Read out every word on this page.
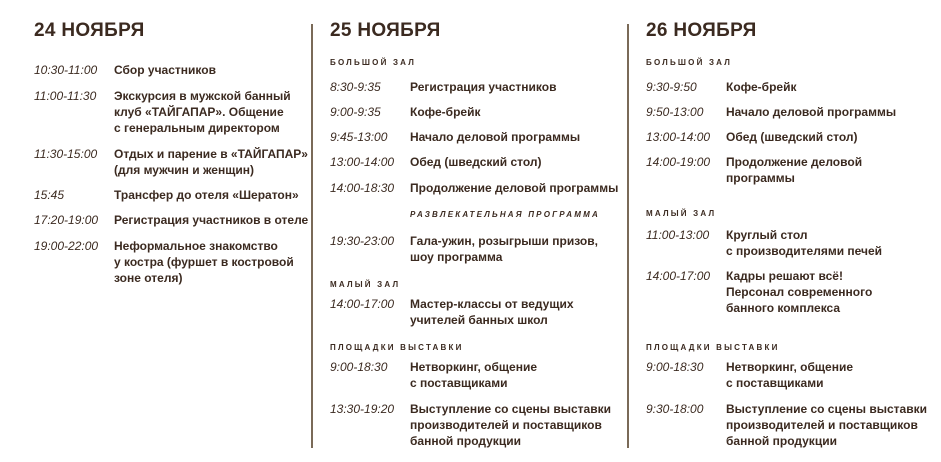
24 НОЯБРЯ
10:30-11:00 Сбор участников
11:00-11:30 Экскурсия в мужской банный
клуб «ТАЙГАПАР». Общение
с генеральным директором
11:30-15:00 Отдых и парение в «ТАЙГАПАР»
(для мужчин и женщин)
15:45	Трансфер до отеля «Шератон»
17:20-19:00 Регистрация участников в отеле
19:00-22:00 Неформальное знакомство
у костра (фуршет в костровой
зоне отеля)
25 НОЯБРЯ
БОЛЬШОЙ ЗАЛ
8:30-9:35 Регистрация участников
9:00-9:35 Кофе-брейк
9:45-13:00 Начало деловой программы
13:00-14:00 Обед (шведский стол)
14:00-18:30 Продолжение деловой программы
РАЗВЛЕКАТЕЛЬНАЯ ПРОГРАММА
19:30-23:00 Гала-ужин, розыгрыши призов,
шоу программа
МАЛЫЙ ЗАЛ
14:00-17:00 Мастер-классы от ведущих
учителей банных школ
ПЛОЩАДКИ ВЫСТАВКИ
9:00-18:30 Нетворкинг, общение
с поставщиками
13:30-19:20 Выступление со сцены выставки
производителей и поставщиков
банной продукции
26 НОЯБРЯ
БОЛЬШОЙ ЗАЛ
9:30-9:50 Кофе-брейк
9:50-13:00 Начало деловой программы
13:00-14:00 Обед (шведский стол)
14:00-19:00 Продолжение деловой
программы
МАЛЫЙ ЗАЛ
11:00-13:00 Круглый стол
с производителями печей
14:00-17:00 Кадры решают всё!
Персонал современного
банного комплекса
ПЛОЩАДКИ ВЫСТАВКИ
9:00-18:30 Нетворкинг, общение
с поставщиками
9:30-18:00 Выступление со сцены выставки
производителей и поставщиков
банной продукции
